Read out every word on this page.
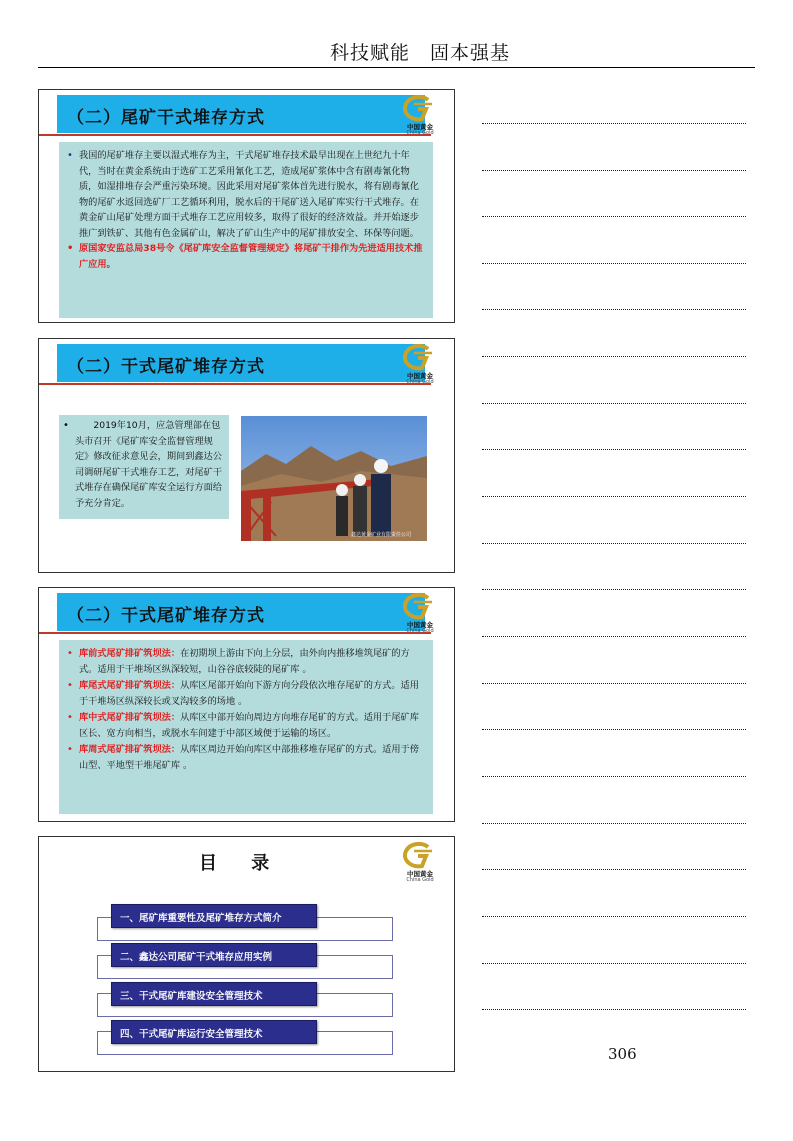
科技赋能　固本强基
（二）尾矿干式堆存方式	中国黄金
China Gold
• 我国的尾矿堆存主要以湿式堆存为主，干式尾矿堆存技术最早出现在上世纪九十年代，当时在黄金系统由于选矿工艺采用氰化工艺，造成尾矿浆体中含有剧毒氰化物质，如湿排堆存会严重污染环境。因此采用对尾矿浆体首先进行脱水，将有剧毒氰化物的尾矿水返回选矿厂工艺循环利用，脱水后的干尾矿送入尾矿库实行干式堆存。在黄金矿山尾矿处理方面干式堆存工艺应用较多，取得了很好的经济效益。并开始逐步推广到铁矿、其他有色金属矿山，解决了矿山生产中的尾矿排放安全、环保等问题。
• 原国家安监总局38号令《尾矿库安全监督管理规定》将尾矿干排作为先进适用技术推广应用。
（二）干式尾矿堆存方式	中国黄金
China Gold
• 　　2019年10月，应急管理部在包头市召开《尾矿库安全监督管理规定》修改征求意见会，期间到鑫达公司调研尾矿干式堆存工艺，对尾矿干式堆存在确保尾矿库安全运行方面给予充分肯定。
鑫达黄金矿业有限责任公司
（二）干式尾矿堆存方式	中国黄金
China Gold
• 库前式尾矿排矿筑坝法：在初期坝上游由下向上分层，由外向内推移堆筑尾矿的方式。适用于干堆场区纵深较短，山谷谷底较陡的尾矿库 。
• 库尾式尾矿排矿筑坝法：从库区尾部开始向下游方向分段依次堆存尾矿的方式。适用于干堆场区纵深较长或叉沟较多的场地 。
• 库中式尾矿排矿筑坝法：从库区中部开始向周边方向堆存尾矿的方式。适用于尾矿库区长、宽方向相当，或脱水车间建于中部区域便于运输的场区。
• 库周式尾矿排矿筑坝法：从库区周边开始向库区中部推移堆存尾矿的方式。适用于傍山型、平地型干堆尾矿库 。
目 录	中国黄金
China Gold
一、尾矿库重要性及尾矿堆存方式简介
二、鑫达公司尾矿干式堆存应用实例
三、干式尾矿库建设安全管理技术
四、干式尾矿库运行安全管理技术
306
